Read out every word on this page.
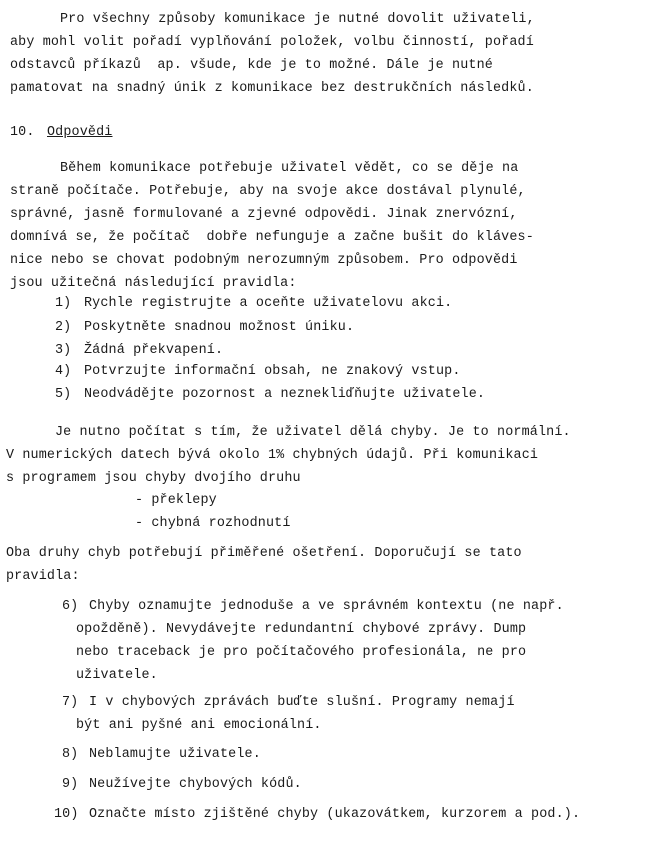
Pro všechny způsoby komunikace je nutné dovolit uživateli,
aby mohl volit pořadí vyplňování položek, volbu činností, pořadí
odstavců příkazů  ap. všude, kde je to možné. Dále je nutné
pamatovat na snadný únik z komunikace bez destrukčních následků.
10. Odpovědi
Během komunikace potřebuje uživatel vědět, co se děje na
straně počítače. Potřebuje, aby na svoje akce dostával plynulé,
správné, jasně formulované a zjevné odpovědi. Jinak znervózní,
domnívá se, že počítač  dobře nefunguje a začne bušit do kláves-
nice nebo se chovat podobným nerozumným způsobem. Pro odpovědi
jsou užitečná následující pravidla:
1) Rychle registrujte a oceňte uživatelovu akci.
2) Poskytněte snadnou možnost úniku.
3) Žádná překvapení.
4) Potvrzujte informační obsah, ne znakový vstup.
5) Neodvádějte pozornost a neznekliďňujte uživatele.
Je nutno počítat s tím, že uživatel dělá chyby. Je to normální.
V numerických datech bývá okolo 1% chybných údajů. Při komunikaci
s programem jsou chyby dvojího druhu
- překlepy
- chybná rozhodnutí
Oba druhy chyb potřebují přiměřené ošetření. Doporučují se tato
pravidla:
6) Chyby oznamujte jednoduše a ve správném kontextu (ne např.
opožděně). Nevydávejte redundantní chybové zprávy. Dump
nebo traceback je pro počítačového profesionála, ne pro
uživatele.
7) I v chybových zprávách buďte slušní. Programy nemají
být ani pyšné ani emocionální.
8) Neblamujte uživatele.
9) Neužívejte chybových kódů.
10) Označte místo zjištěné chyby (ukazovátkem, kurzorem a pod.).
